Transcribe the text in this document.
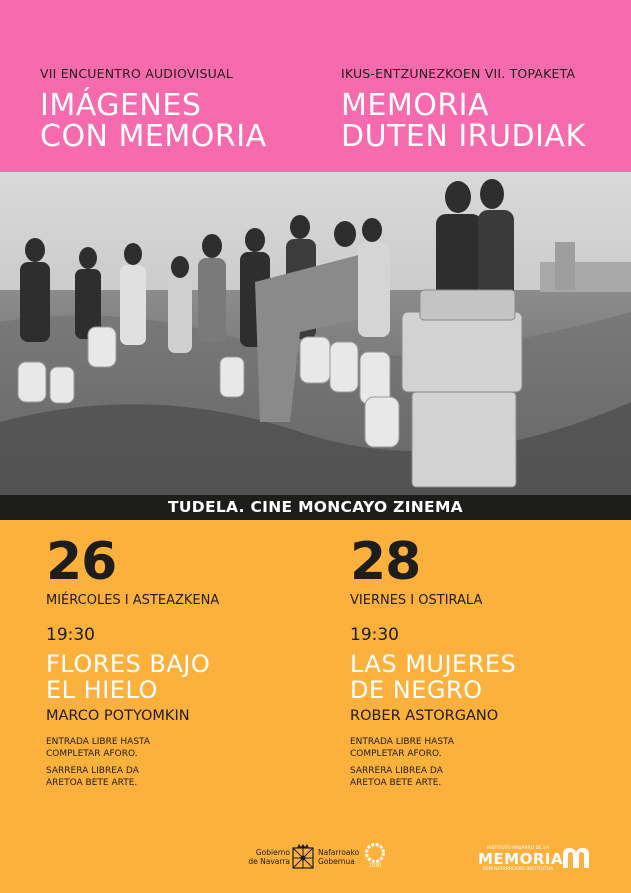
VII ENCUENTRO AUDIOVISUAL
IMÁGENES
CON MEMORIA
IKUS-ENTZUNEZKOEN VII. TOPAKETA
MEMORIA
DUTEN IRUDIAK
TUDELA. CINE MONCAYO ZINEMA
26
MIÉRCOLES I ASTEAZKENA
19:30
FLORES BAJO
EL HIELO
MARCO POTYOMKIN
ENTRADA LIBRE HASTA
COMPLETAR AFORO.
SARRERA LIBREA DA
ARETOA BETE ARTE.
28
VIERNES I OSTIRALA
19:30
LAS MUJERES
DE NEGRO
ROBER ASTORGANO
ENTRADA LIBRE HASTA
COMPLETAR AFORO.
SARRERA LIBREA DA
ARETOA BETE ARTE.
Gobierno
de Navarra
Nafarroako
Gobernua	2030
INSTITUTO NAVARRO DE LA
MEMORIA
REM NAFARROAKO INSTITUTUA
